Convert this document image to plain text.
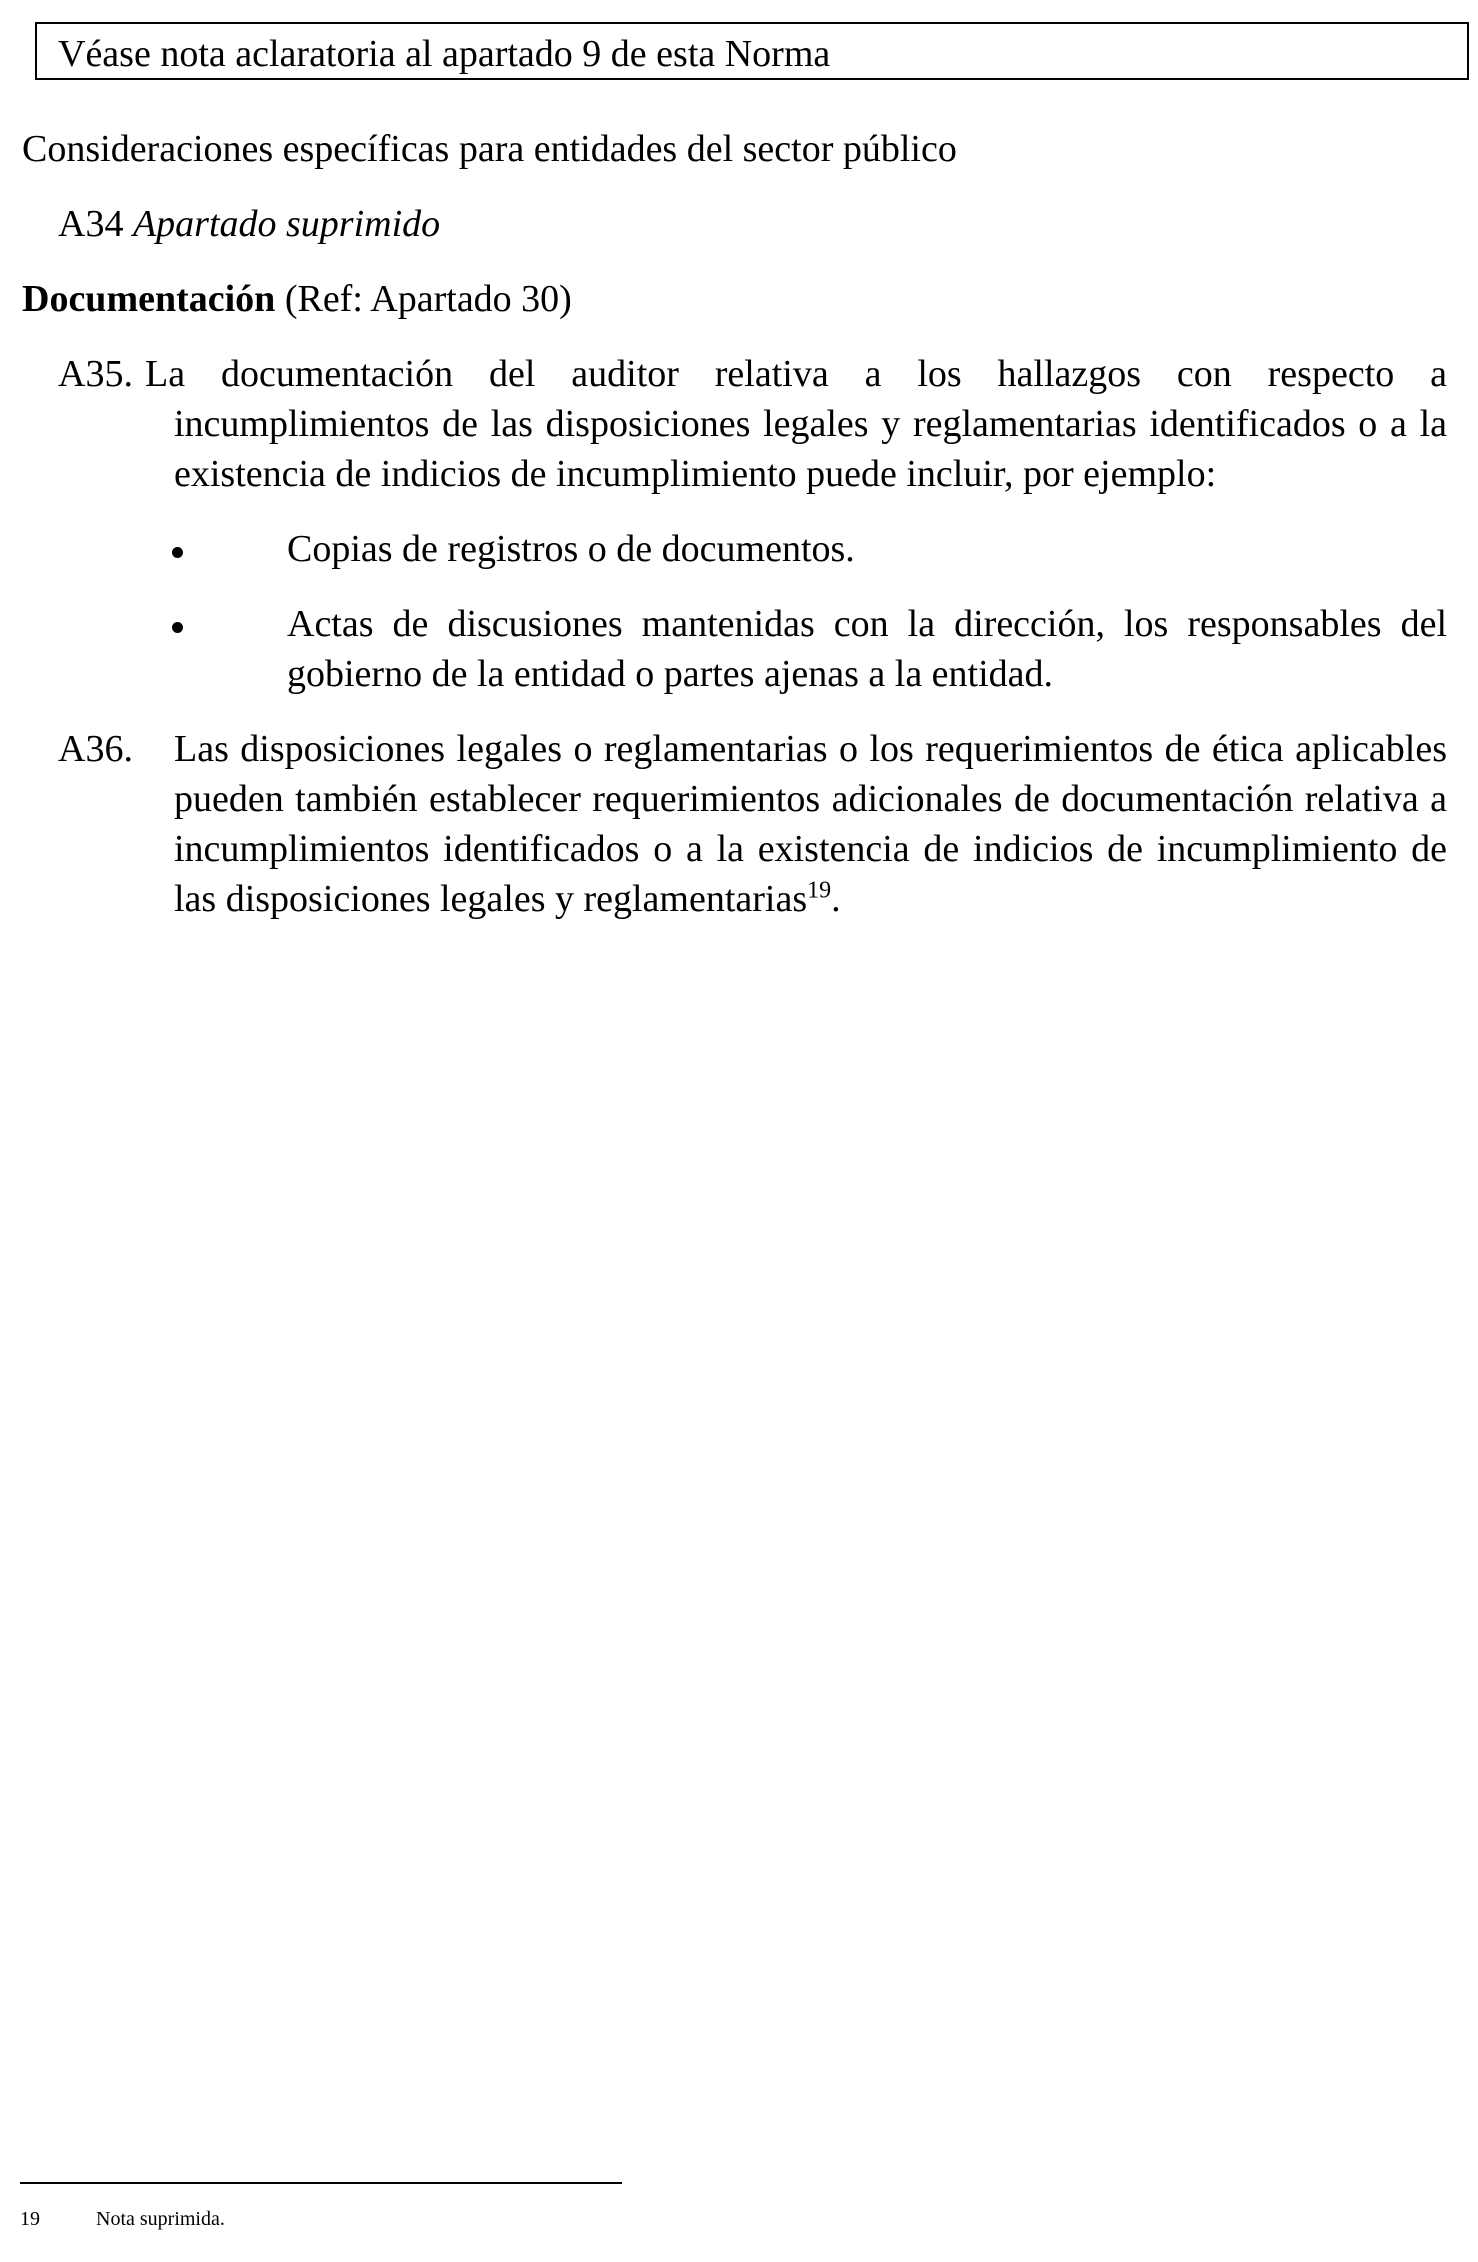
Véase nota aclaratoria al apartado 9 de esta Norma
Consideraciones específicas para entidades del sector público
A34 Apartado suprimido
Documentación (Ref: Apartado 30)
A35. La documentación del auditor relativa a los hallazgos con respecto a
incumplimientos de las disposiciones legales y reglamentarias identificados o a la existencia de indicios de incumplimiento puede incluir, por ejemplo:
Copias de registros o de documentos.
Actas de discusiones mantenidas con la dirección, los responsables del gobierno de la entidad o partes ajenas a la entidad.
A36. Las disposiciones legales o reglamentarias o los requerimientos de ética aplicables pueden también establecer requerimientos adicionales de documentación relativa a incumplimientos identificados o a la existencia de indicios de incumplimiento de las disposiciones legales y reglamentarias$^{19}$.
19	Nota suprimida.
